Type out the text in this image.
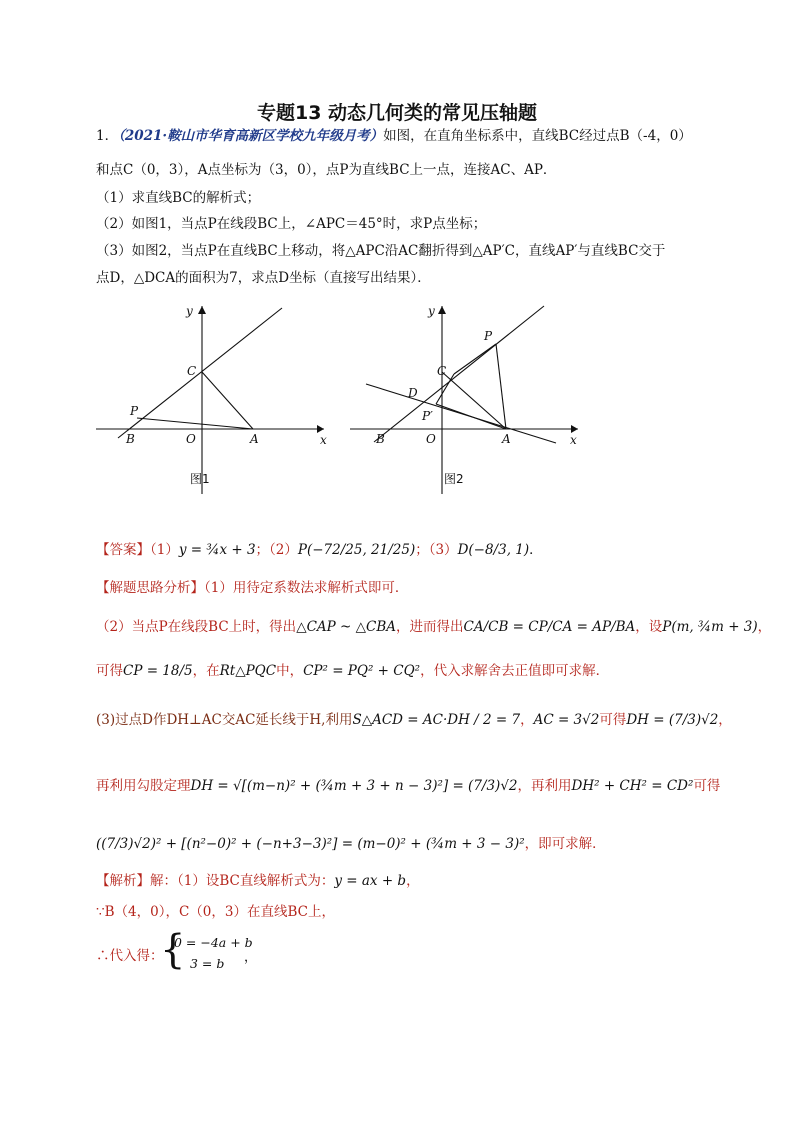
专题13 动态几何类的常见压轴题
1．（2021·鞍山市华育高新区学校九年级月考）如图，在直角坐标系中，直线BC经过点B（-4，0）
和点C（0，3），A点坐标为（3，0），点P为直线BC上一点，连接AC、AP．
（1）求直线BC的解析式；
（2）如图1，当点P在线段BC上，∠APC＝45°时，求P点坐标；
（3）如图2，当点P在直线BC上移动，将△APC沿AC翻折得到△AP′C，直线AP′与直线BC交于
点D，△DCA的面积为7，求点D坐标（直接写出结果）．
x
y
O	A
B
C
P
图1
x
y
O	A
B
C
P
D
P′
图2
【答案】（1）y = ¾x + 3；（2）P(−72/25, 21/25)；（3）D(−8/3, 1)．
【解题思路分析】（1）用待定系数法求解析式即可．
（2）当点P在线段BC上时，得出△CAP ~ △CBA，进而得出CA/CB = CP/CA = AP/BA，设P(m, ¾m + 3)，
可得CP = 18/5，在Rt△PQC中，CP² = PQ² + CQ²，代入求解舍去正值即可求解．
(3)过点D作DH⊥AC交AC延长线于H,利用S△ACD = AC·DH / 2 = 7，AC = 3√2可得DH = (7/3)√2，
再利用勾股定理DH = √[(m−n)² + (¾m + 3 + n − 3)²] = (7/3)√2，再利用DH² + CH² = CD²可得
((7/3)√2)² + [(n²−0)² + (−n+3−3)²] = (m−0)² + (¾m + 3 − 3)²，即可求解．
【解析】解：（1）设BC直线解析式为：y = ax + b，
∵B（4，0），C（0，3）在直线BC上，
∴代入得：
{
0 = −4a + b
3 = b ，
